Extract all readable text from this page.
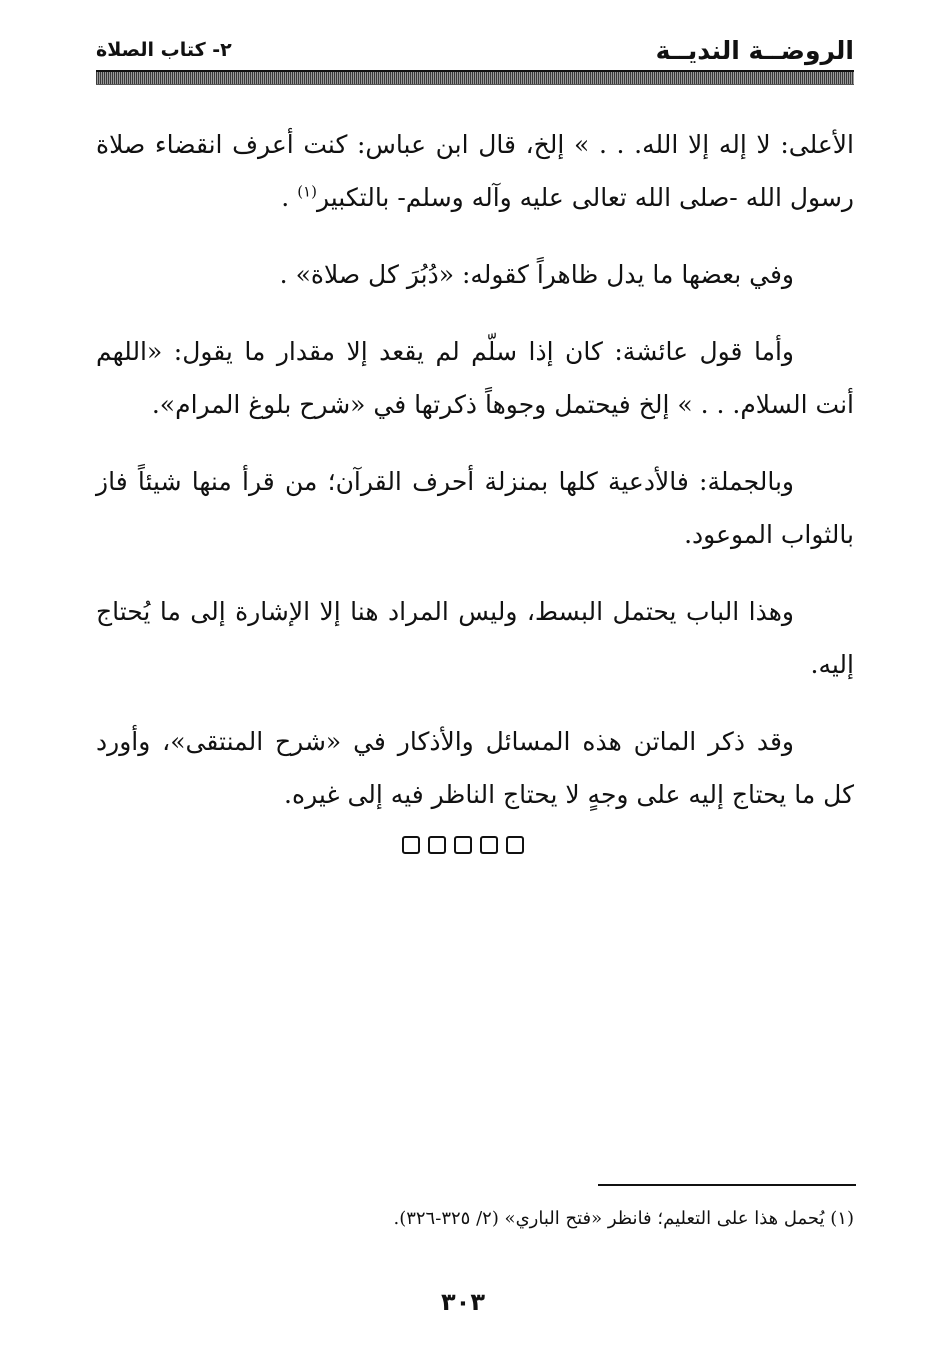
الروضــة النديــة
٢- كتاب الصلاة

الأعلى: لا إله إلا الله. . . » إلخ، قال ابن عباس: كنت أعرف انقضاء صلاة رسول الله -صلى الله تعالى عليه وآله وسلم- بالتكبير$^{(١)}$ .

وفي بعضها ما يدل ظاهراً كقوله: «دُبُرَ كل صلاة» .

وأما قول عائشة: كان إذا سلّم لم يقعد إلا مقدار ما يقول: «اللهم أنت السلام. . . » إلخ فيحتمل وجوهاً ذكرتها في «شرح بلوغ المرام».

وبالجملة: فالأدعية كلها بمنزلة أحرف القرآن؛ من قرأ منها شيئاً فاز بالثواب الموعود.

وهذا الباب يحتمل البسط، وليس المراد هنا إلا الإشارة إلى ما يُحتاج إليه.

وقد ذكر الماتن هذه المسائل والأذكار في «شرح المنتقى»، وأورد كل ما يحتاج إليه على وجهٍ لا يحتاج الناظر فيه إلى غيره.

(١) يُحمل هذا على التعليم؛ فانظر «فتح الباري» (٢/ ٣٢٥-٣٢٦).
٣٠٣
